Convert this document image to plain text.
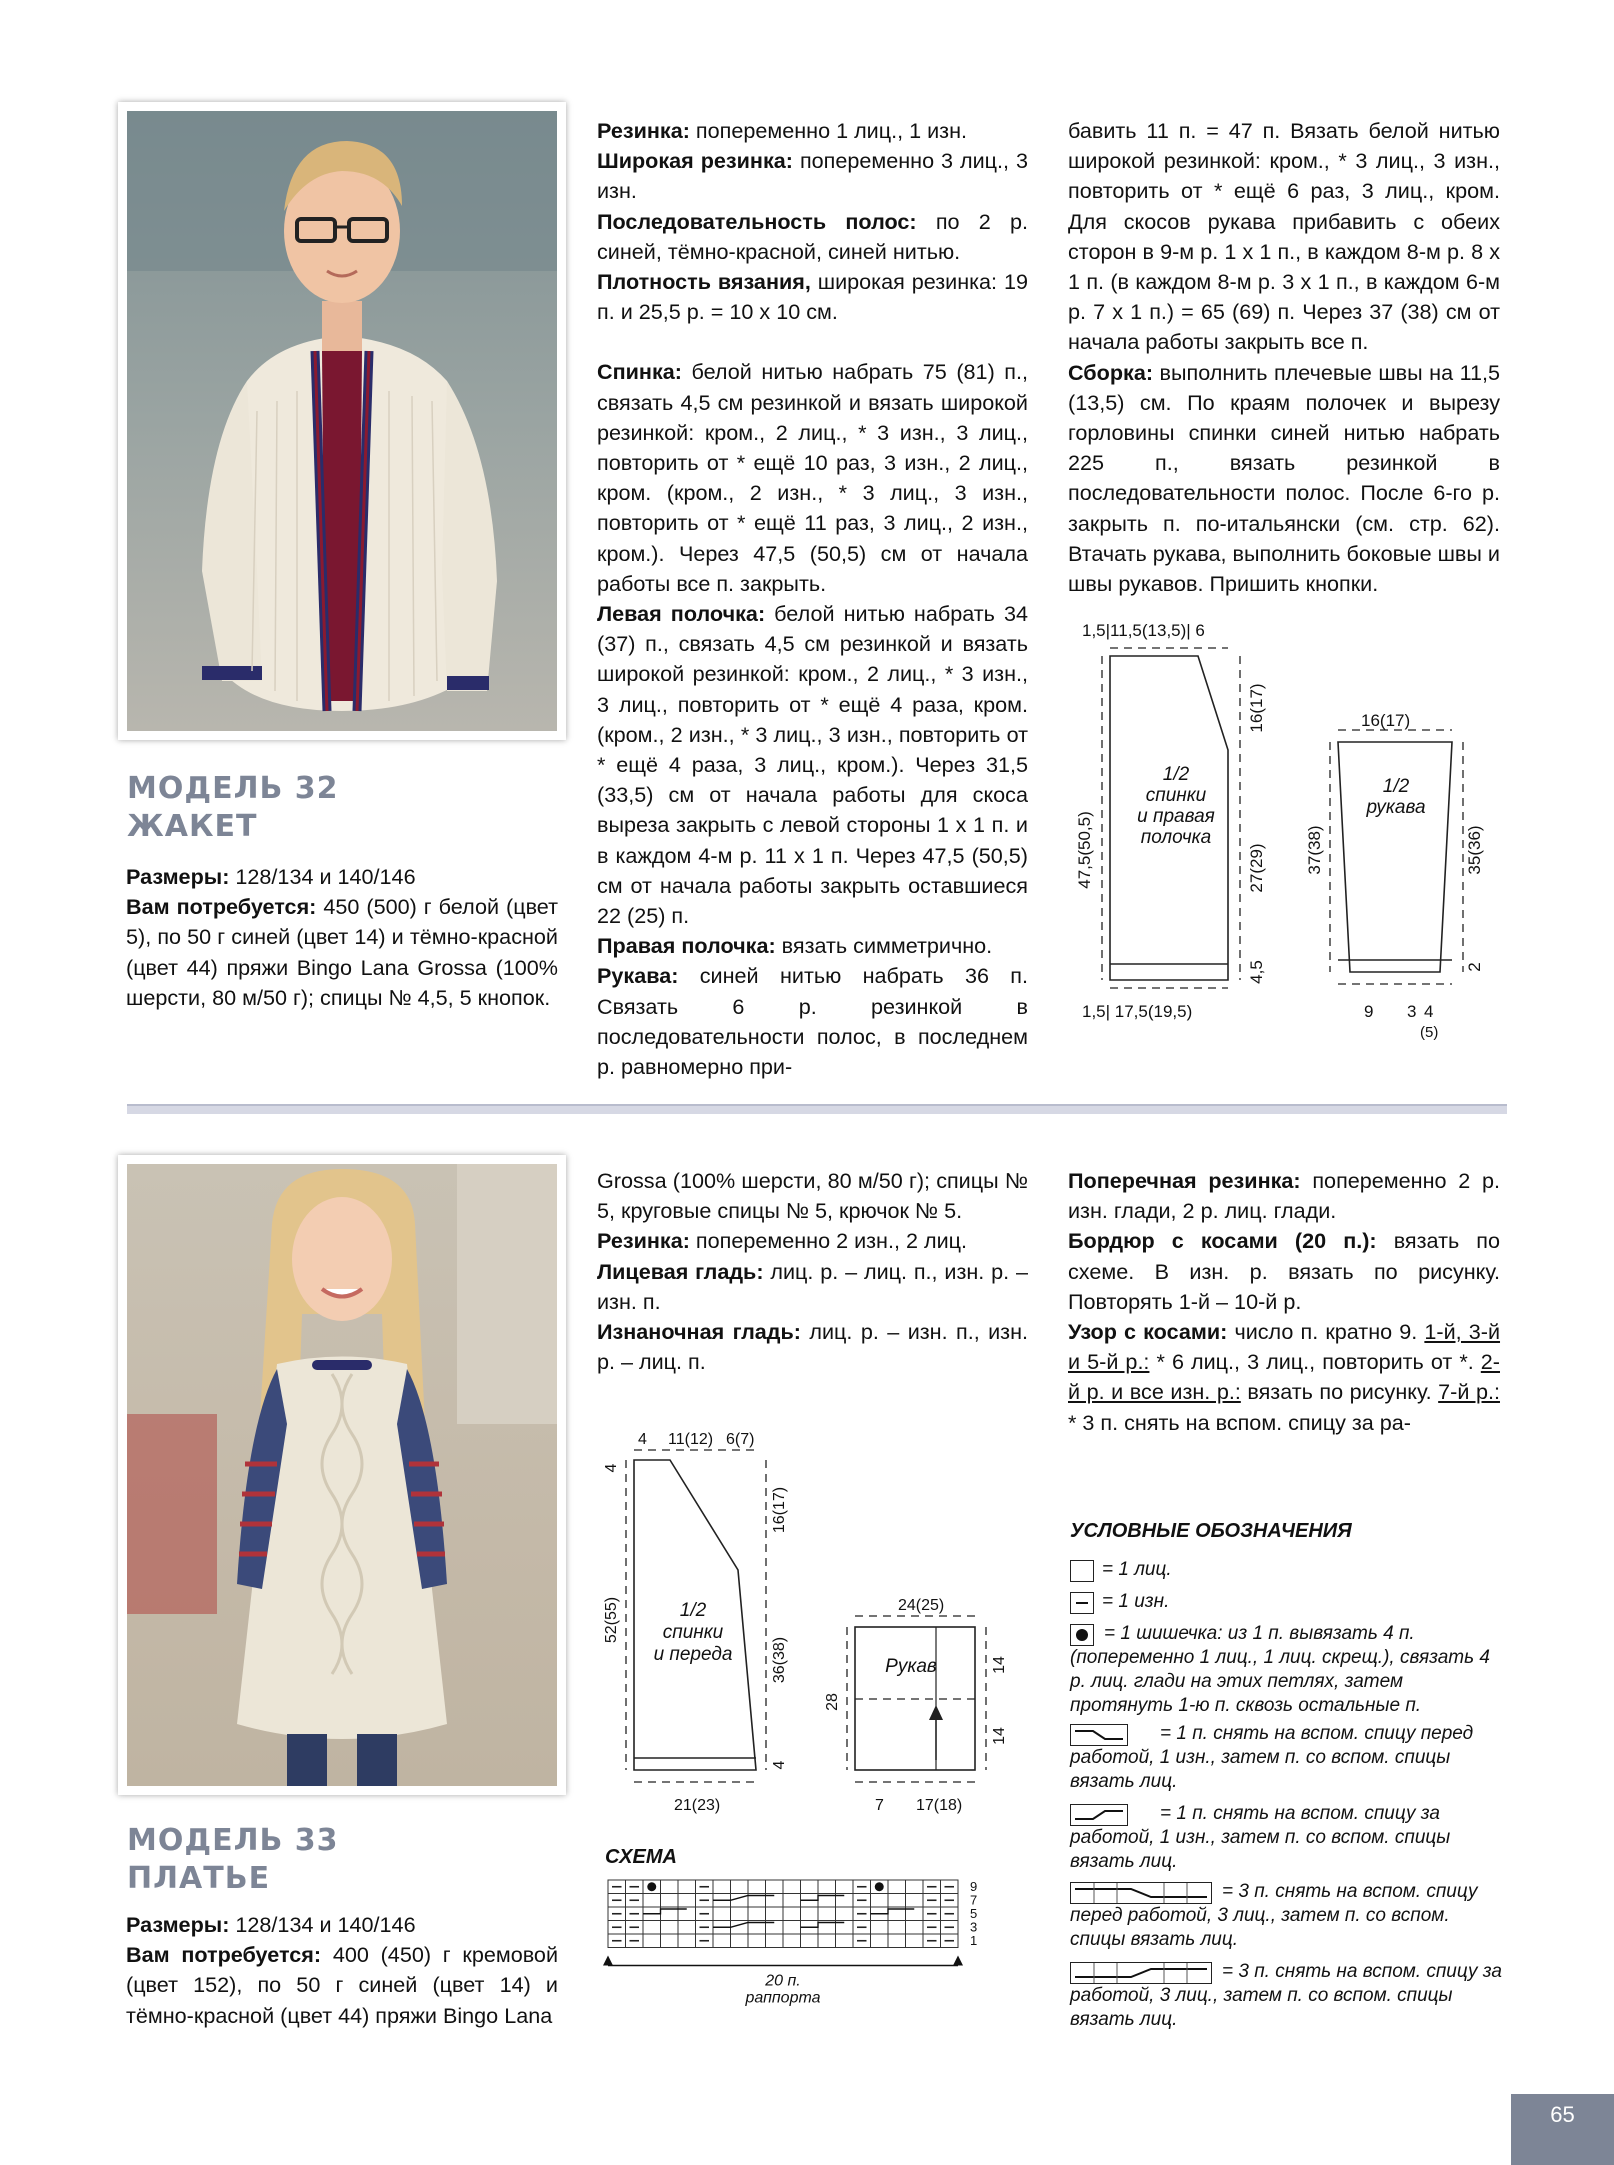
МОДЕЛЬ 32
ЖАКЕТ

Размеры: 128/134 и 140/146

Вам потребуется: 450 (500) г белой (цвет 5), по 50 г синей (цвет 14) и тёмно-красной (цвет 44) пряжи Bingo Lana Grossa (100% шерсти, 80 м/50 г); спицы № 4,5, 5 кнопок.

Резинка: попеременно 1 лиц., 1 изн.

Широкая резинка: попеременно 3 лиц., 3 изн.

Последовательность полос: по 2 р. синей, тёмно-красной, синей нитью.

Плотность вязания, широкая резинка: 19 п. и 25,5 р. = 10 х 10 см.

Спинка: белой нитью набрать 75 (81) п., связать 4,5 см резинкой и вязать широкой резинкой: кром., 2 лиц., * 3 изн., 3 лиц., повторить от * ещё 10 раз, 3 изн., 2 лиц., кром. (кром., 2 изн., * 3 лиц., 3 изн., повторить от * ещё 11 раз, 3 лиц., 2 изн., кром.). Через 47,5 (50,5) см от начала работы все п. закрыть.

Левая полочка: белой нитью набрать 34 (37) п., связать 4,5 см резинкой и вязать широкой резинкой: кром., 2 лиц., * 3 изн., 3 лиц., повторить от * ещё 4 раза, кром. (кром., 2 изн., * 3 лиц., 3 изн., повторить от * ещё 4 раза, 3 лиц., кром.). Через 31,5 (33,5) см от начала работы для скоса выреза закрыть с левой стороны 1 х 1 п. и в каждом 4-м р. 11 х 1 п. Через 47,5 (50,5) см от начала работы закрыть оставшиеся 22 (25) п.

Правая полочка: вязать симметрично.

Рукава: синей нитью набрать 36 п. Связать 6 р. резинкой в последовательности полос, в последнем р. равномерно при-

бавить 11 п. = 47 п. Вязать белой нитью широкой резинкой: кром., * 3 лиц., 3 изн., повторить от * ещё 6 раз, 3 лиц., кром. Для скосов рукава прибавить с обеих сторон в 9-м р. 1 х 1 п., в каждом 8-м р. 8 х 1 п. (в каждом 8-м р. 3 х 1 п., в каждом 6-м р. 7 х 1 п.) = 65 (69) п. Через 37 (38) см от начала работы закрыть все п.

Сборка: выполнить плечевые швы на 11,5 (13,5) см. По краям полочек и вырезу горловины спинки синей нитью набрать 225 п., вязать резинкой в последовательности полос. После 6-го р. закрыть п. по-итальянски (см. стр. 62). Втачать рукава, выполнить боковые швы и швы рукавов. Пришить кнопки.

1,5|11,5(13,5)| 6
1,5| 17,5(19,5)
47,5(50,5)
16(17)
27(29)
4,5
16(17)
37(38)	35(36)
2
9 3 4
(5)
1/2
спинки
и правая
полочка
1/2
рукава
МОДЕЛЬ 33
ПЛАТЬЕ

Размеры: 128/134 и 140/146

Вам потребуется: 400 (450) г кремовой (цвет 152), по 50 г синей (цвет 14) и тёмно-красной (цвет 44) пряжи Bingo Lana

Grossa (100% шерсти, 80 м/50 г); спицы № 5, круговые спицы № 5, крючок № 5.

Резинка: попеременно 2 изн., 2 лиц.

Лицевая гладь: лиц. р. – лиц. п., изн. р. – изн. п.

Изнаночная гладь: лиц. р. – изн. п., изн. р. – лиц. п.

Поперечная резинка: попеременно 2 р. изн. глади, 2 р. лиц. глади.

Бордюр с косами (20 п.): вязать по схеме. В изн. р. вязать по рисунку. Повторять 1-й – 10-й р.

Узор с косами: число п. кратно 9. 1-й, 3-й и 5-й р.: * 6 лиц., 3 лиц., повторить от *. 2-й р. и все изн. р.: вязать по рисунку. 7-й р.: * 3 п. снять на вспом. спицу за ра-

4 11(12) 6(7)
4
52(55)
16(17)
36(38)
4
21(23)
24(25)
28
14
14
7 17(18)
1/2
спинки
и переда
Рукав
СХЕМА
9
7
5
3
1
20 п.
раппорта
УСЛОВНЫЕ ОБОЗНАЧЕНИЯ
= 1 лиц.
= 1 изн.
= 1 шишечка: из 1 п. вывязать 4 п. (попеременно 1 лиц., 1 лиц. скрещ.), связать 4 р. лиц. глади на этих петлях, затем протянуть 1-ю п. сквозь остальные п.
= 1 п. снять на вспом. спицу перед работой, 1 изн., затем п. со вспом. спицы вязать лиц.
= 1 п. снять на вспом. спицу за работой, 1 изн., затем п. со вспом. спицы вязать лиц.
= 3 п. снять на вспом. спицу перед работой, 3 лиц., затем п. со вспом. спицы вязать лиц.
= 3 п. снять на вспом. спицу за работой, 3 лиц., затем п. со вспом. спицы вязать лиц.
65
